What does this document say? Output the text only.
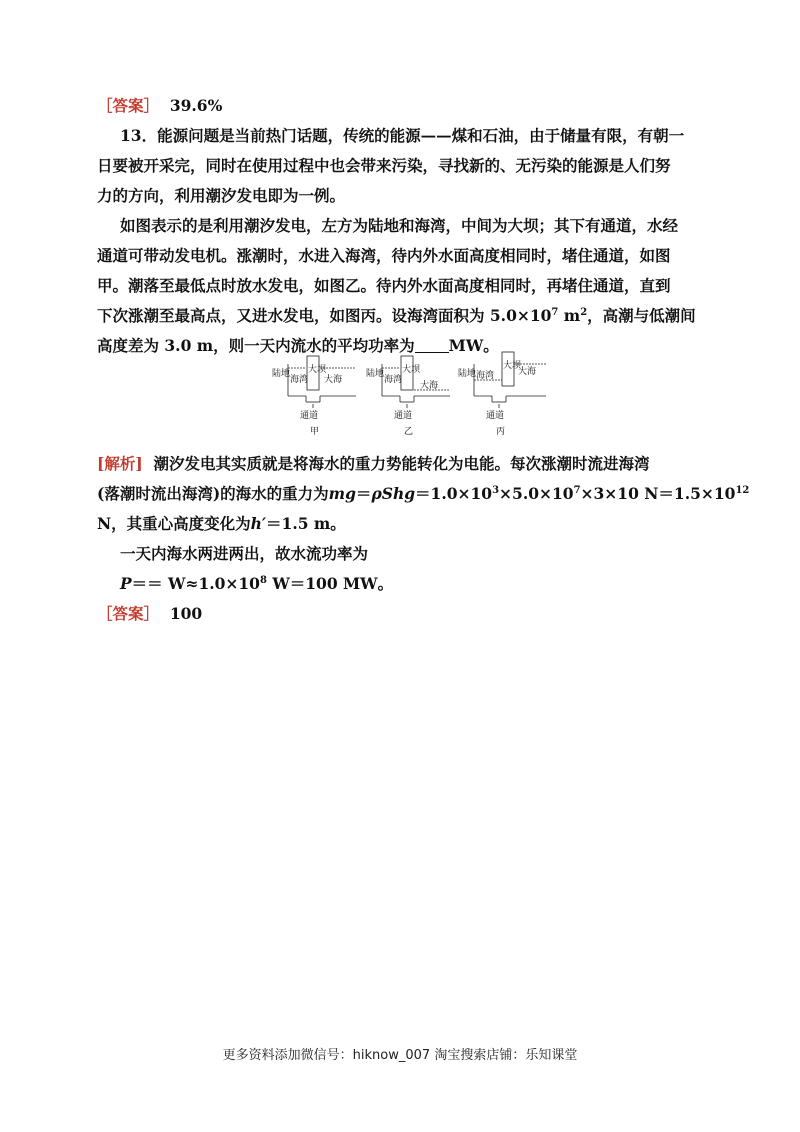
［答案］ 39.6%
13．能源问题是当前热门话题，传统的能源——煤和石油，由于储量有限，有朝一
日要被开采完，同时在使用过程中也会带来污染，寻找新的、无污染的能源是人们努
力的方向，利用潮汐发电即为一例。
如图表示的是利用潮汐发电，左方为陆地和海湾，中间为大坝；其下有通道，水经
通道可带动发电机。涨潮时，水进入海湾，待内外水面高度相同时，堵住通道，如图
甲。潮落至最低点时放水发电，如图乙。待内外水面高度相同时，再堵住通道，直到
下次涨潮至最高点，又进水发电，如图丙。设海湾面积为 $5.0\times 10^7$ $m^2$，高潮与低潮间
高度差为 3.0 m，则一天内流水的平均功率为 MW。
陆地
海湾
大坝
大海
通道
甲
陆地
海湾
大坝
大海
通道
乙
陆地 海湾
大坝
大海
通道
丙
[解析] 潮汐发电其实质就是将海水的重力势能转化为电能。每次涨潮时流进海湾
(落潮时流出海湾)的海水的重力为$mg=\rho Shg=1.0\times 10^3\times 5.0\times 10^7\times 3\times 10$ $N=1.5\times 10^{12}$
N，其重心高度变化为h′＝1.5 m。
一天内海水两进两出，故水流功率为
$P== W\approx 1.0\times 10^8$ W＝100 MW。
［答案］ 100
更多资料添加微信号：hiknow_007 淘宝搜索店铺：乐知课堂
